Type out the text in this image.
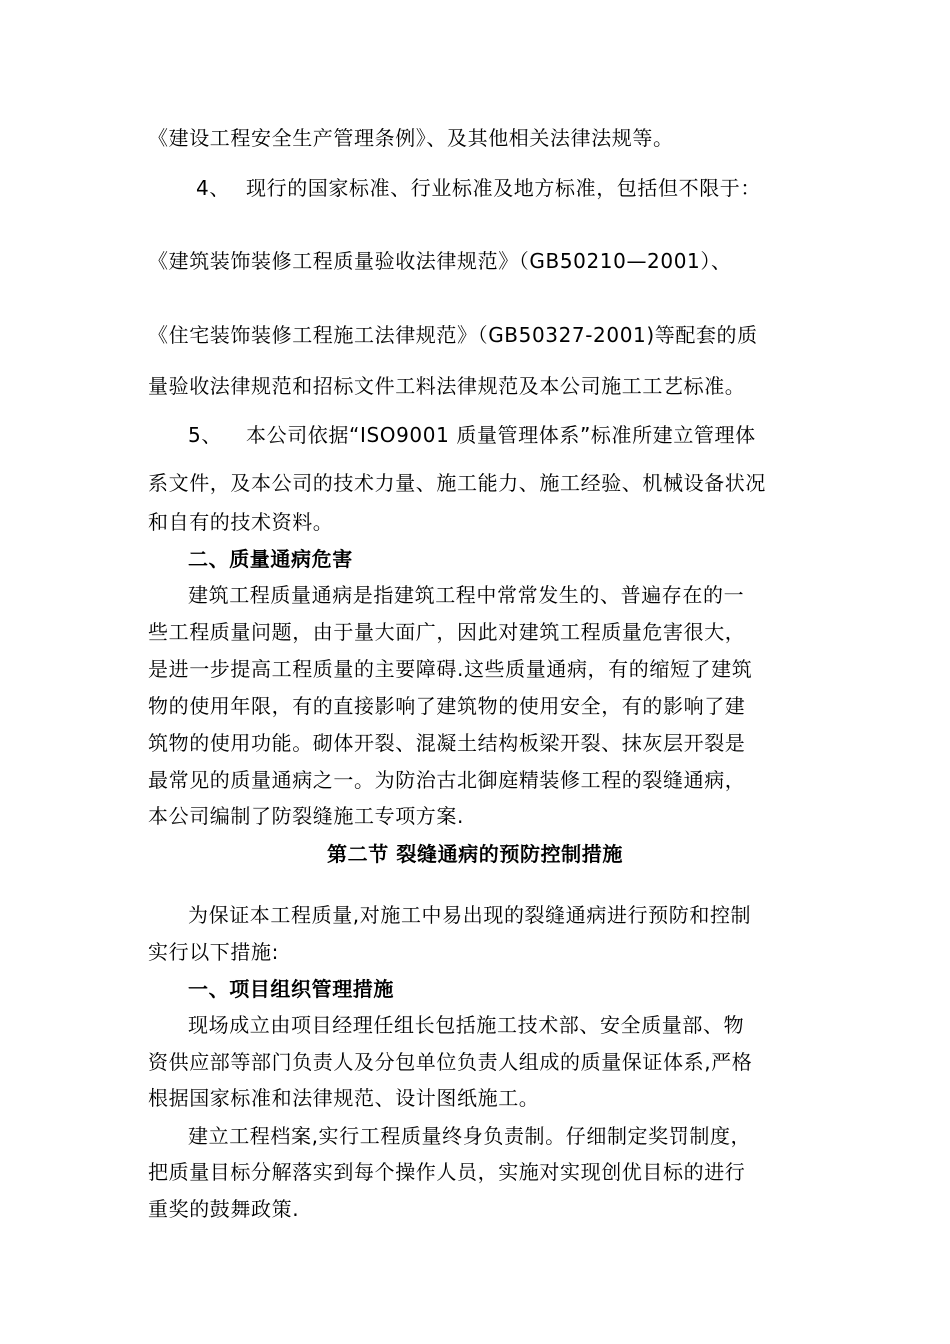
《建设工程安全生产管理条例》、及其他相关法律法规等。
4、 现行的国家标准、行业标准及地方标准，包括但不限于：
《建筑装饰装修工程质量验收法律规范》（GB50210—2001）、
《住宅装饰装修工程施工法律规范》（GB50327-2001)等配套的质
量验收法律规范和招标文件工料法律规范及本公司施工工艺标准。
5、 本公司依据“ISO9001 质量管理体系”标准所建立管理体
系文件，及本公司的技术力量、施工能力、施工经验、机械设备状况
和自有的技术资料。
二、质量通病危害
建筑工程质量通病是指建筑工程中常常发生的、普遍存在的一
些工程质量问题，由于量大面广，因此对建筑工程质量危害很大，
是进一步提高工程质量的主要障碍.这些质量通病，有的缩短了建筑
物的使用年限，有的直接影响了建筑物的使用安全，有的影响了建
筑物的使用功能。砌体开裂、混凝土结构板梁开裂、抹灰层开裂是
最常见的质量通病之一。为防治古北御庭精装修工程的裂缝通病，
本公司编制了防裂缝施工专项方案.
第二节 裂缝通病的预防控制措施
为保证本工程质量,对施工中易出现的裂缝通病进行预防和控制
实行以下措施:
一、项目组织管理措施
现场成立由项目经理任组长包括施工技术部、安全质量部、物
资供应部等部门负责人及分包单位负责人组成的质量保证体系,严格
根据国家标准和法律规范、设计图纸施工。
建立工程档案,实行工程质量终身负责制。仔细制定奖罚制度，
把质量目标分解落实到每个操作人员，实施对实现创优目标的进行
重奖的鼓舞政策.
